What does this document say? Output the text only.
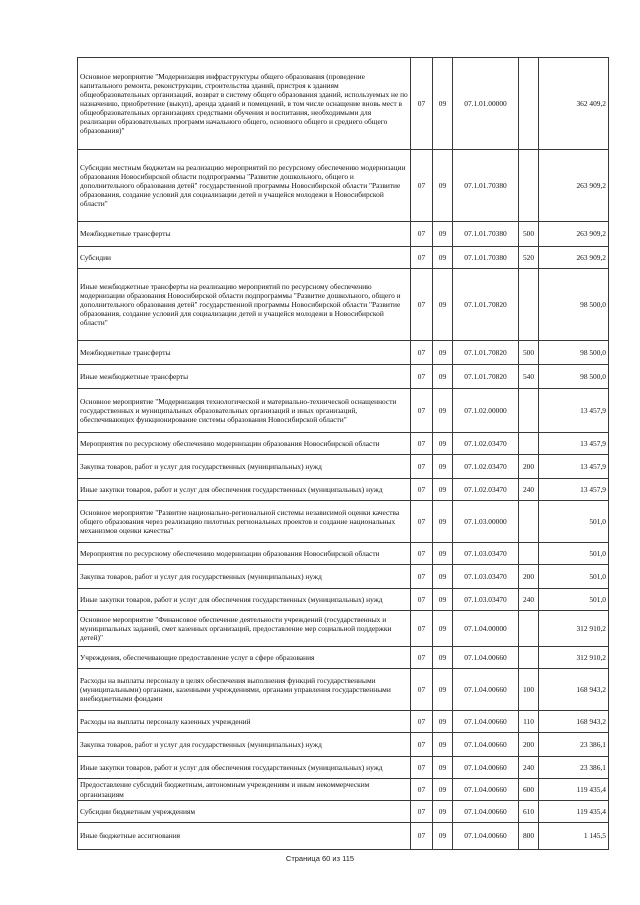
Основное мероприятие "Модернизация инфраструктуры общего образования (проведение капитального ремонта, реконструкции, строительства зданий, пристроя к зданиям общеобразовательных организаций, возврат в систему общего образования зданий, используемых не по назначению, приобретение (выкуп), аренда зданий и помещений, в том числе оснащение вновь мест в общеобразовательных организациях средствами обучения и воспитания, необходимыми для реализации образовательных программ начального общего, основного общего и среднего общего образования)"	07	09	07.1.01.00000		362 409,2
Субсидии местным бюджетам на реализацию мероприятий по ресурсному обеспечению модернизации образования Новосибирской области подпрограммы "Развитие дошкольного, общего и дополнительного образования детей" государственной программы Новосибирской области "Развитие образования, создание условий для социализации детей и учащейся молодежи в Новосибирской области"	07	09	07.1.01.70380		263 909,2
Межбюджетные трансферты	07	09	07.1.01.70380	500	263 909,2
Субсидии	07	09	07.1.01.70380	520	263 909,2
Иные межбюджетные трансферты на реализацию мероприятий по ресурсному обеспечению модернизации образования Новосибирской области подпрограммы "Развитие дошкольного, общего и дополнительного образования детей" государственной программы Новосибирской области "Развитие образования, создание условий для социализации детей и учащейся молодежи в Новосибирской области"	07	09	07.1.01.70820		98 500,0
Межбюджетные трансферты	07	09	07.1.01.70820	500	98 500,0
Иные межбюджетные трансферты	07	09	07.1.01.70820	540	98 500,0
Основное мероприятие "Модернизация технологической и материально-технической оснащенности государственных и муниципальных образовательных организаций и иных организаций, обеспечивающих функционирование системы образования Новосибирской области"	07	09	07.1.02.00000		13 457,9
Мероприятия по ресурсному обеспечению модернизации образования Новосибирской области	07	09	07.1.02.03470		13 457,9
Закупка товаров, работ и услуг для государственных (муниципальных) нужд	07	09	07.1.02.03470	200	13 457,9
Иные закупки товаров, работ и услуг для обеспечения государственных (муниципальных) нужд	07	09	07.1.02.03470	240	13 457,9
Основное мероприятие "Развитие национально-региональной системы независимой оценки качества общего образования через реализацию пилотных региональных проектов и создание национальных механизмов оценки качества"	07	09	07.1.03.00000		501,0
Мероприятия по ресурсному обеспечению модернизации образования Новосибирской области	07	09	07.1.03.03470		501,0
Закупка товаров, работ и услуг для государственных (муниципальных) нужд	07	09	07.1.03.03470	200	501,0
Иные закупки товаров, работ и услуг для обеспечения государственных (муниципальных) нужд	07	09	07.1.03.03470	240	501,0
Основное мероприятие "Финансовое обеспечение деятельности учреждений (государственных и муниципальных заданий, смет казенных организаций, предоставление мер социальной поддержки детей)"	07	09	07.1.04.00000		312 910,2
Учреждения, обеспечивающие предоставление услуг в сфере образования	07	09	07.1.04.00660		312 910,2
Расходы на выплаты персоналу в целях обеспечения выполнения функций государственными (муниципальными) органами, казенными учреждениями, органами управления государственными внебюджетными фондами	07	09	07.1.04.00660	100	168 943,2
Расходы на выплаты персоналу казенных учреждений	07	09	07.1.04.00660	110	168 943,2
Закупка товаров, работ и услуг для государственных (муниципальных) нужд	07	09	07.1.04.00660	200	23 386,1
Иные закупки товаров, работ и услуг для обеспечения государственных (муниципальных) нужд	07	09	07.1.04.00660	240	23 386,1
Предоставление субсидий бюджетным, автономным учреждениям и иным некоммерческим организациям	07	09	07.1.04.00660	600	119 435,4
Субсидии бюджетным учреждениям	07	09	07.1.04.00660	610	119 435,4
Иные бюджетные ассигнования	07	09	07.1.04.00660	800	1 145,5
Страница 60 из 115
